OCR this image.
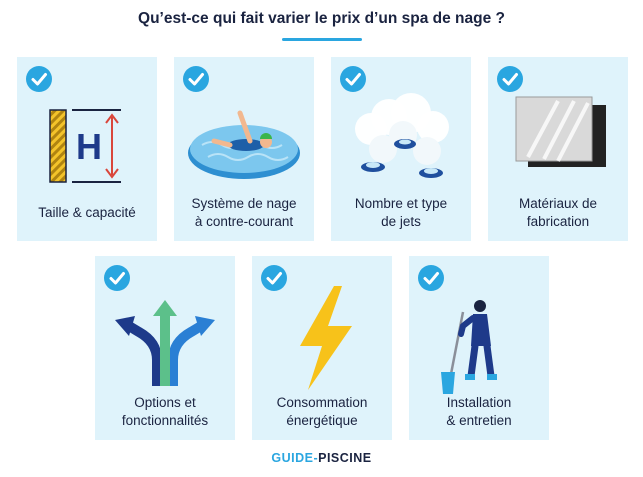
Qu’est-ce qui fait varier le prix d’un spa de nage ?
H
Taille & capacité
Système de nage
à contre-courant
Nombre et type
de jets
Matériaux de
fabrication
Options et
fonctionnalités
Consommation
énergétique
Installation
& entretien
GUIDE-PISCINE
